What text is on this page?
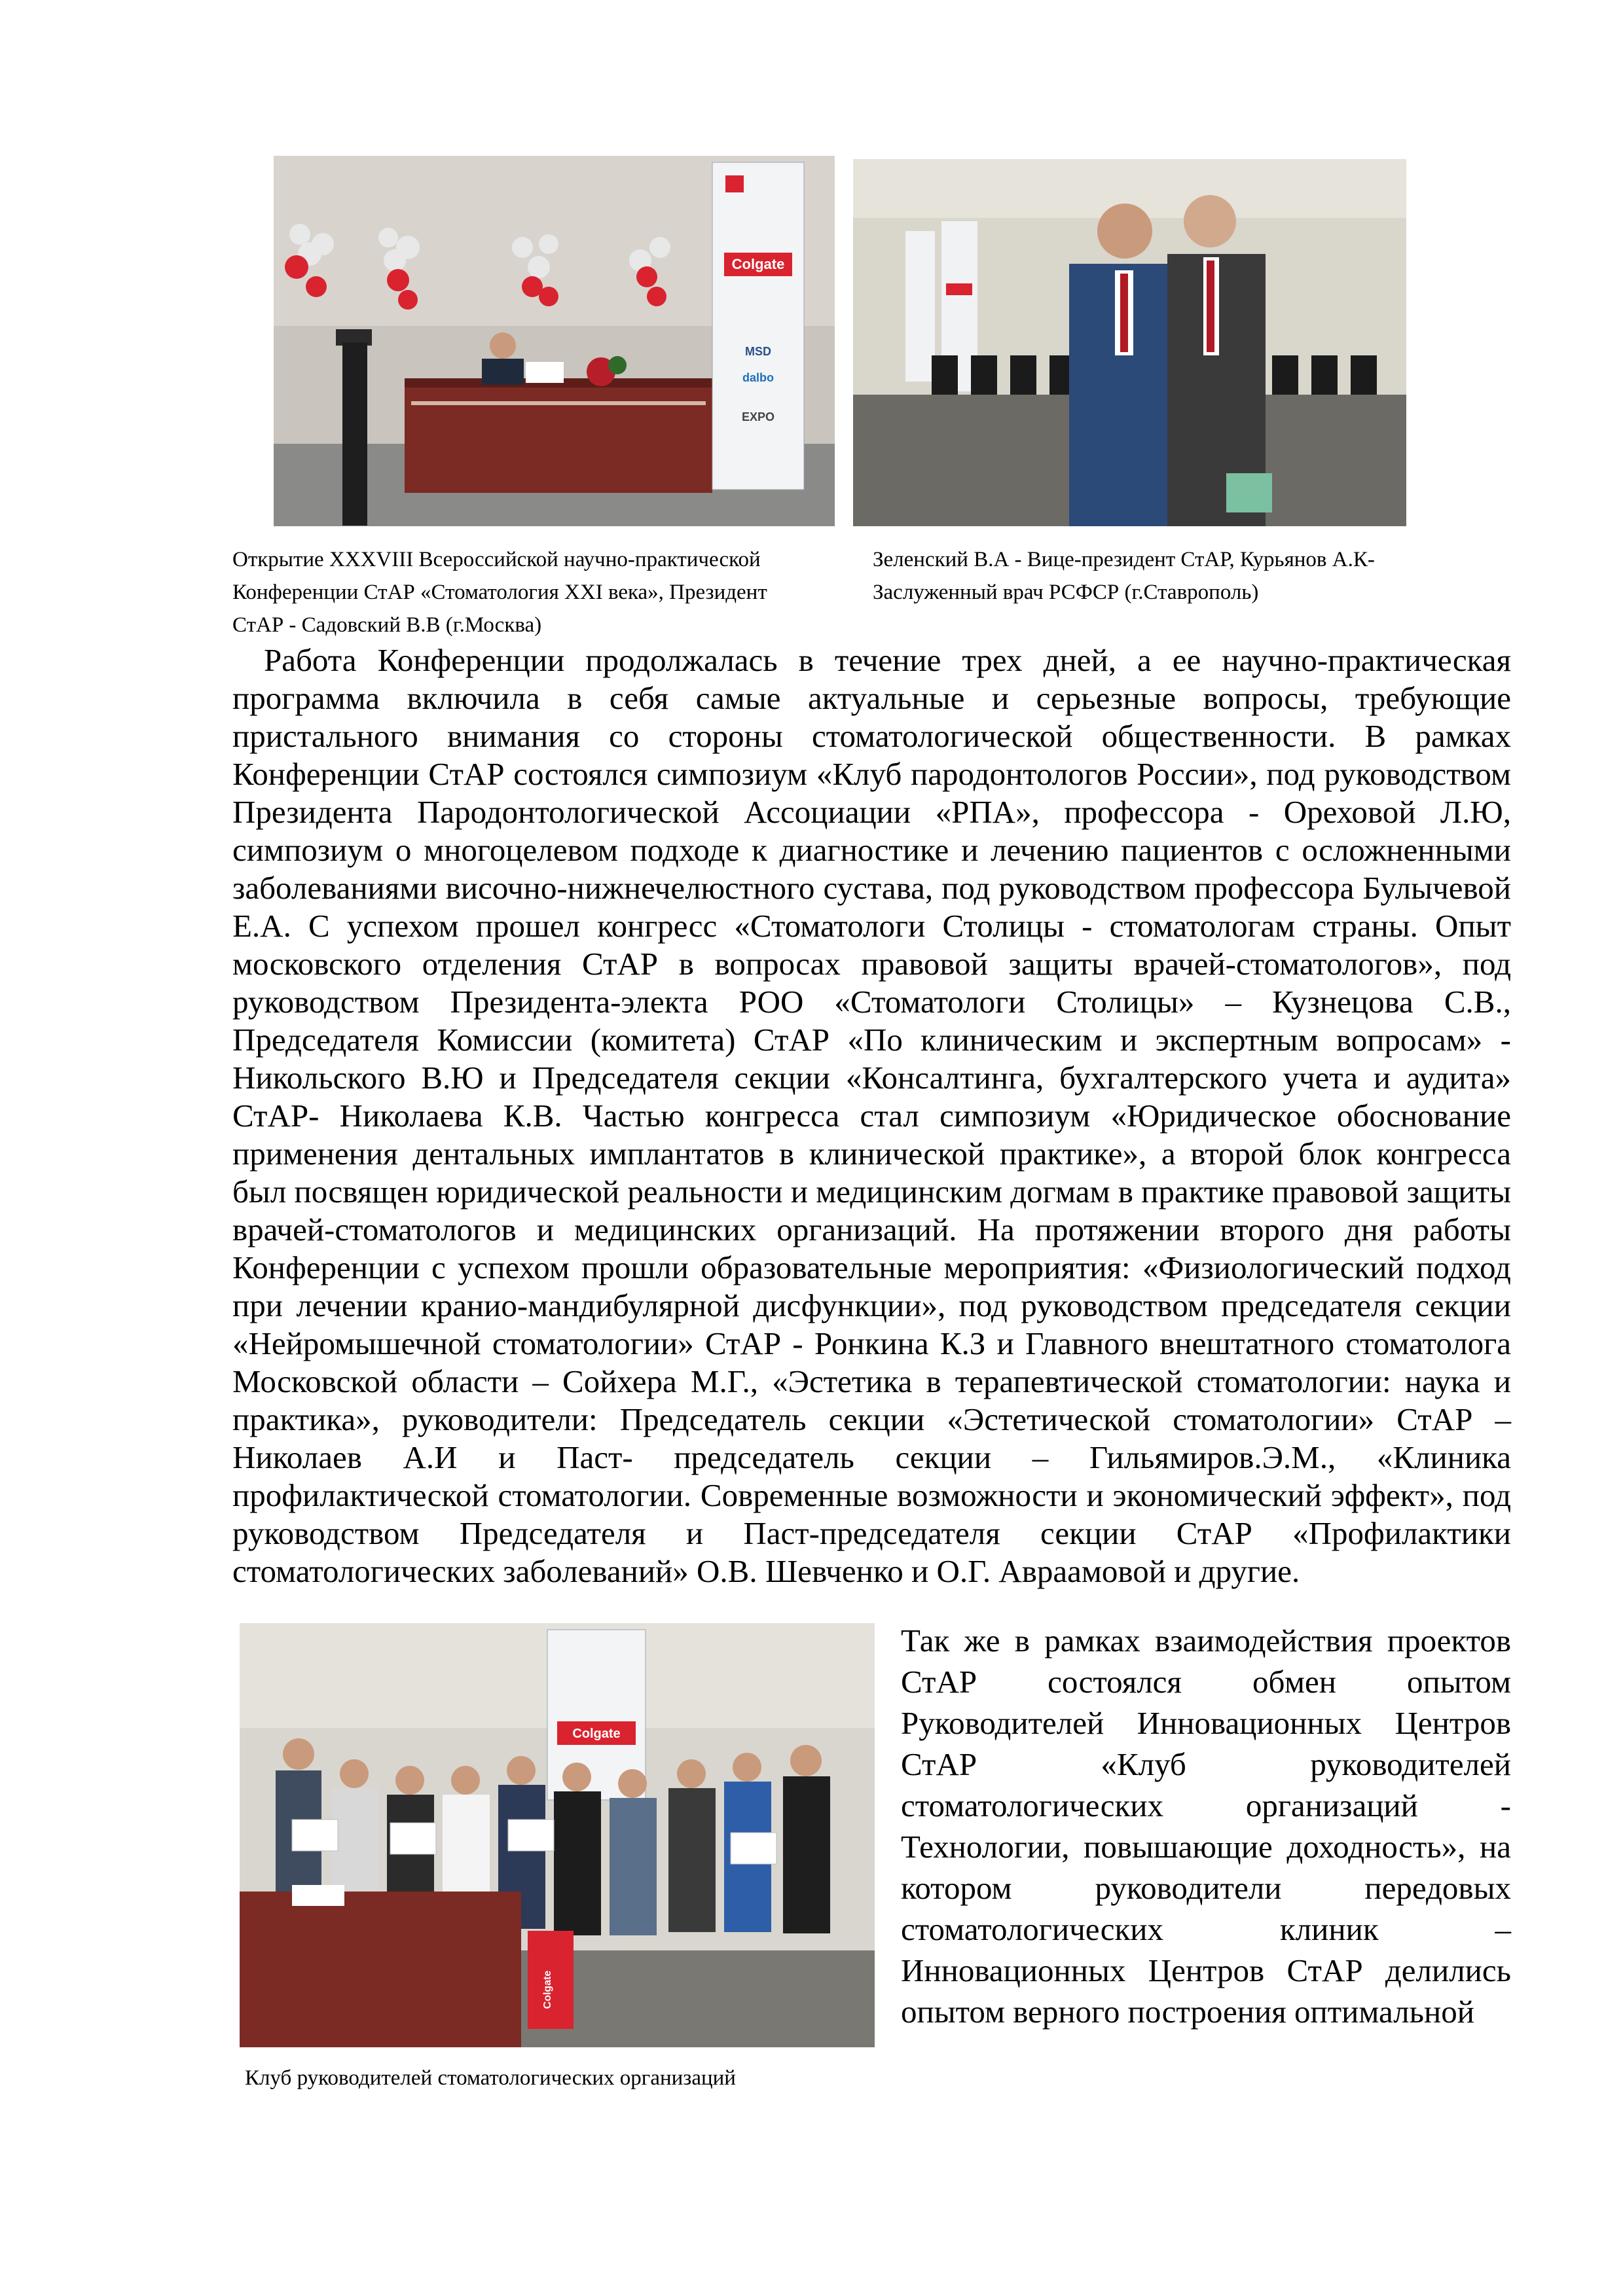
Colgate
MSD
dalbo
EXPO
Открытие XXXVIII Всероссийской научно-практической
Конференции СтАР «Стоматология XXI века», Президент
СтАР - Садовский В.В (г.Москва)
Зеленский В.А - Вице-президент СтАР, Курьянов А.К-
Заслуженный врач РСФСР (г.Ставрополь)

Работа Конференции продолжалась в течение трех дней, а ее научно-практическая программа включила в себя самые актуальные и серьезные вопросы, требующие пристального внимания со стороны стоматологической общественности. В рамках Конференции СтАР состоялся симпозиум «Клуб пародонтологов России», под руководством Президента Пародонтологической Ассоциации «РПА», профессора - Ореховой Л.Ю, симпозиум о многоцелевом подходе к диагностике и лечению пациентов с осложненными заболеваниями височно-нижнечелюстного сустава, под руководством профессора Булычевой Е.А. С успехом прошел конгресс «Стоматологи Столицы - стоматологам страны. Опыт московского отделения СтАР в вопросах правовой защиты врачей-стоматологов», под руководством Президента-электа РОО «Стоматологи Столицы» – Кузнецова С.В., Председателя Комиссии (комитета) СтАР «По клиническим и экспертным вопросам» - Никольского В.Ю и Председателя секции «Консалтинга, бухгалтерского учета и аудита» СтАР- Николаева К.В. Частью конгресса стал симпозиум «Юридическое обоснование применения дентальных имплантатов в клинической практике», а второй блок конгресса был посвящен юридической реальности и медицинским догмам в практике правовой защиты врачей-стоматологов и медицинских организаций. На протяжении второго дня работы Конференции с успехом прошли образовательные мероприятия: «Физиологический подход при лечении кранио-мандибулярной дисфункции», под руководством председателя секции «Нейромышечной стоматологии» СтАР - Ронкина К.З и Главного внештатного стоматолога Московской области – Сойхера М.Г., «Эстетика в терапевтической стоматологии: наука и практика», руководители: Председатель секции «Эстетической стоматологии» СтАР – Николаев А.И и Паст- председатель секции – Гильямиров.Э.М., «Клиника профилактической стоматологии. Современные возможности и экономический эффект», под руководством Председателя и Паст-председателя секции СтАР «Профилактики стоматологических заболеваний» О.В. Шевченко и О.Г. Авраамовой и другие.

Colgate
Colgate

Так же в рамках взаимодействия проектов СтАР состоялся обмен опытом Руководителей Инновационных Центров СтАР «Клуб руководителей стоматологических организаций - Технологии, повышающие доходность», на котором руководители передовых стоматологических клиник – Инновационных Центров СтАР делились опытом верного построения оптимальной

Клуб руководителей стоматологических организаций
